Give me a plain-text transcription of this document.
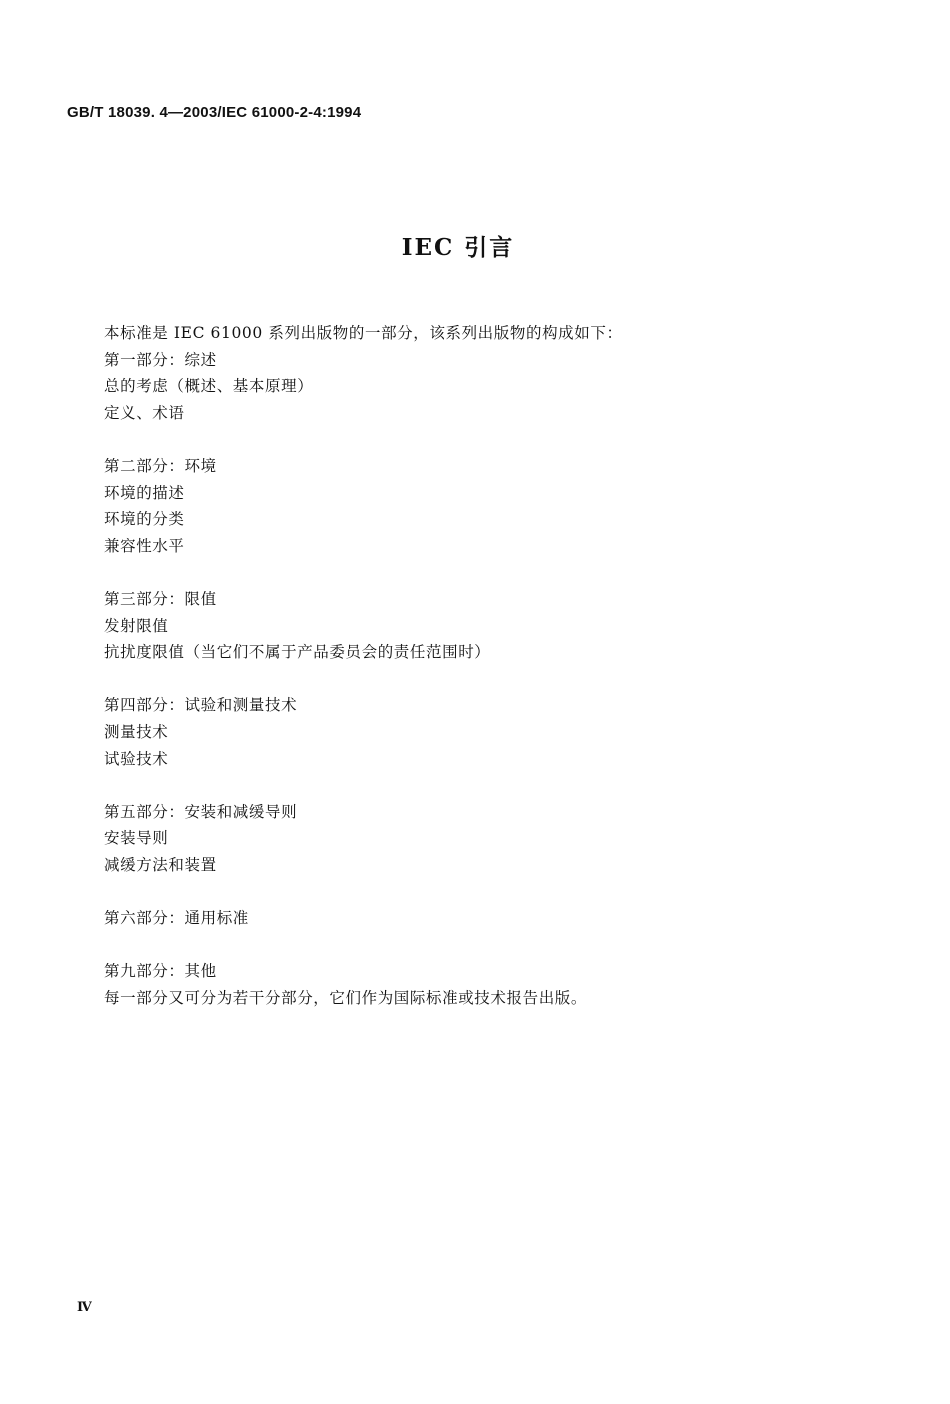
GB/T 18039. 4—2003/IEC 61000-2-4:1994
IEC 引言
本标准是 IEC 61000 系列出版物的一部分，该系列出版物的构成如下：
第一部分：综述
总的考虑（概述、基本原理）
定义、术语
第二部分：环境
环境的描述
环境的分类
兼容性水平
第三部分：限值
发射限值
抗扰度限值（当它们不属于产品委员会的责任范围时）
第四部分：试验和测量技术
测量技术
试验技术
第五部分：安装和减缓导则
安装导则
减缓方法和装置
第六部分：通用标准
第九部分：其他
每一部分又可分为若干分部分，它们作为国际标准或技术报告出版。
Ⅳ
